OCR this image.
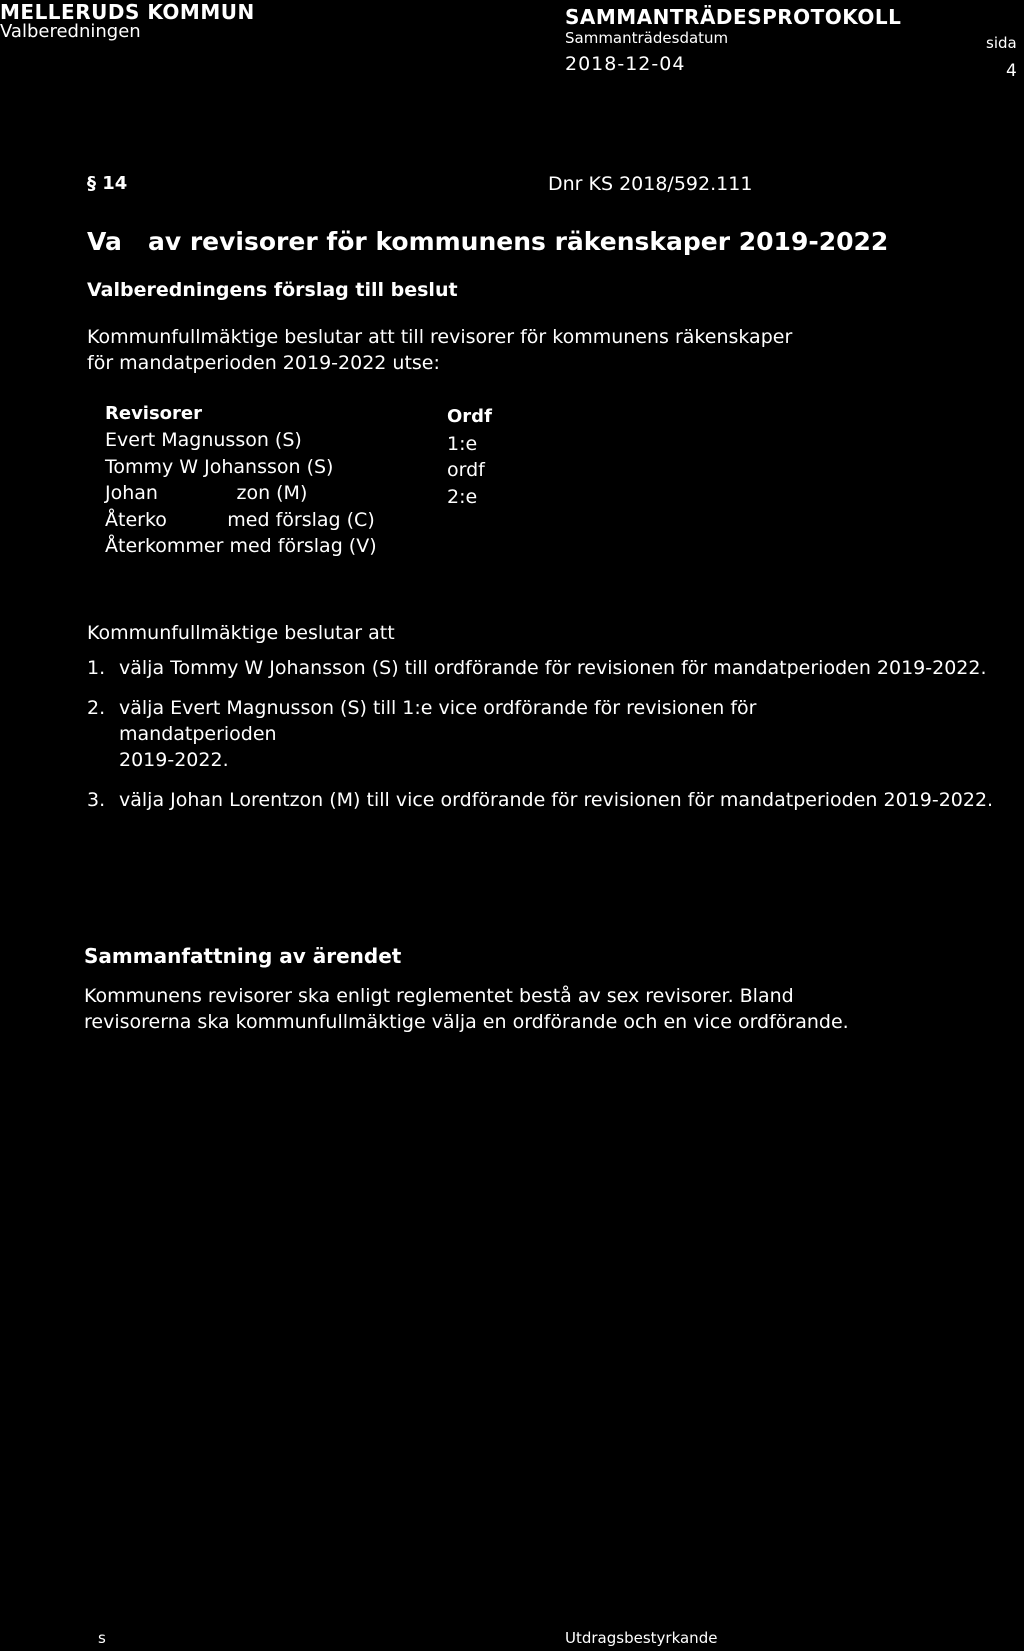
MELLERUDS KOMMUN
Valberedningen
SAMMANTRÄDESPROTOKOLL
Sammanträdesdatum
2018-12-04
sida
4
§ 14	Dnr KS 2018/592.111
Va   av revisorer för kommunens räkenskaper 2019-2022
Valberedningens förslag till beslut
Kommunfullmäktige beslutar att till revisorer för kommunens räkenskaper
för mandatperioden 2019-2022 utse:
Revisorer	Ordf
Evert Magnusson (S)	1:e
Tommy W Johansson (S)	ordf
Johan             zon (M)	2:e
Återko          med förslag (C)
Återkommer med förslag (V)
Kommunfullmäktige beslutar att
1. välja Tommy W Johansson (S) till ordförande för revisionen för mandatperioden 2019-2022.
2. välja Evert Magnusson (S) till 1:e vice ordförande för revisionen för mandatperioden
2019-2022.
3. välja Johan Lorentzon (M) till vice ordförande för revisionen för mandatperioden 2019-2022.
Sammanfattning av ärendet
Kommunens revisorer ska enligt reglementet bestå av sex revisorer. Bland
revisorerna ska kommunfullmäktige välja en ordförande och en vice ordförande.
s	Utdragsbestyrkande
